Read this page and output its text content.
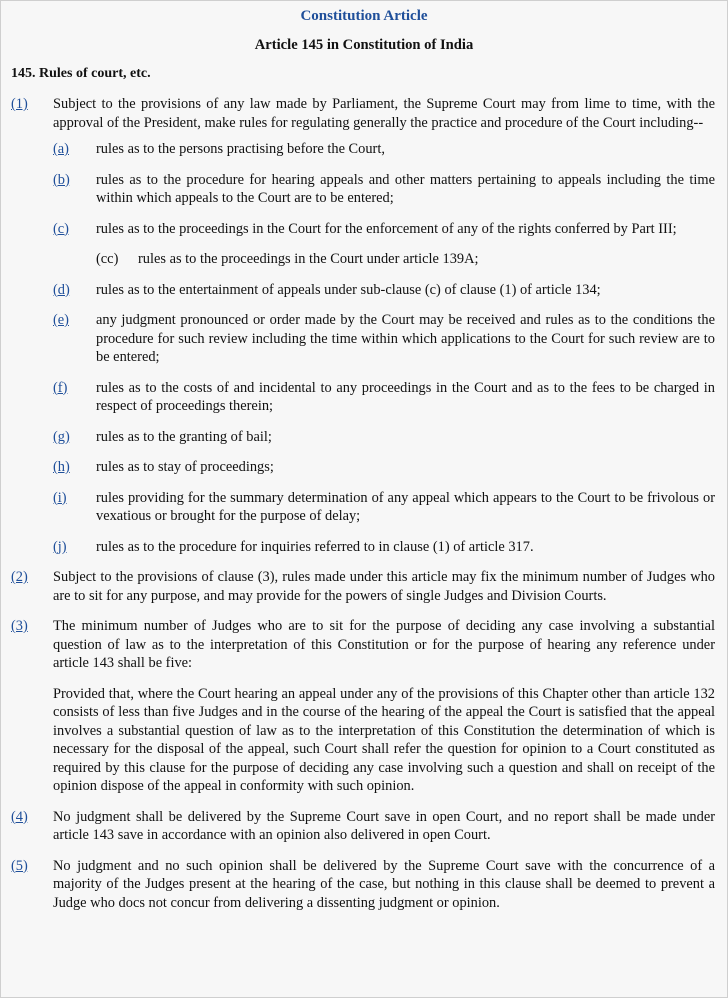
Constitution Article
Article 145 in Constitution of India
145. Rules of court, etc.
(1) Subject to the provisions of any law made by Parliament, the Supreme Court may from lime to time, with the approval of the President, make rules for regulating generally the practice and procedure of the Court including--
(a) rules as to the persons practising before the Court,
(b) rules as to the procedure for hearing appeals and other matters pertaining to appeals including the time within which appeals to the Court are to be entered;
(c) rules as to the proceedings in the Court for the enforcement of any of the rights conferred by Part III;
(cc) rules as to the proceedings in the Court under article 139A;
(d) rules as to the entertainment of appeals under sub-clause (c) of clause (1) of article 134;
(e) any judgment pronounced or order made by the Court may be received and rules as to the conditions the procedure for such review including the time within which applications to the Court for such review are to be entered;
(f) rules as to the costs of and incidental to any proceedings in the Court and as to the fees to be charged in respect of proceedings therein;
(g) rules as to the granting of bail;
(h) rules as to stay of proceedings;
(i) rules providing for the summary determination of any appeal which appears to the Court to be frivolous or vexatious or brought for the purpose of delay;
(j) rules as to the procedure for inquiries referred to in clause (1) of article 317.
(2) Subject to the provisions of clause (3), rules made under this article may fix the minimum number of Judges who are to sit for any purpose, and may provide for the powers of single Judges and Division Courts.
(3) The minimum number of Judges who are to sit for the purpose of deciding any case involving a substantial question of law as to the interpretation of this Constitution or for the purpose of hearing any reference under article 143 shall be five:
Provided that, where the Court hearing an appeal under any of the provisions of this Chapter other than article 132 consists of less than five Judges and in the course of the hearing of the appeal the Court is satisfied that the appeal involves a substantial question of law as to the interpretation of this Constitution the determination of which is necessary for the disposal of the appeal, such Court shall refer the question for opinion to a Court constituted as required by this clause for the purpose of deciding any case involving such a question and shall on receipt of the opinion dispose of the appeal in conformity with such opinion.
(4) No judgment shall be delivered by the Supreme Court save in open Court, and no report shall be made under article 143 save in accordance with an opinion also delivered in open Court.
(5) No judgment and no such opinion shall be delivered by the Supreme Court save with the concurrence of a majority of the Judges present at the hearing of the case, but nothing in this clause shall be deemed to prevent a Judge who docs not concur from delivering a dissenting judgment or opinion.
